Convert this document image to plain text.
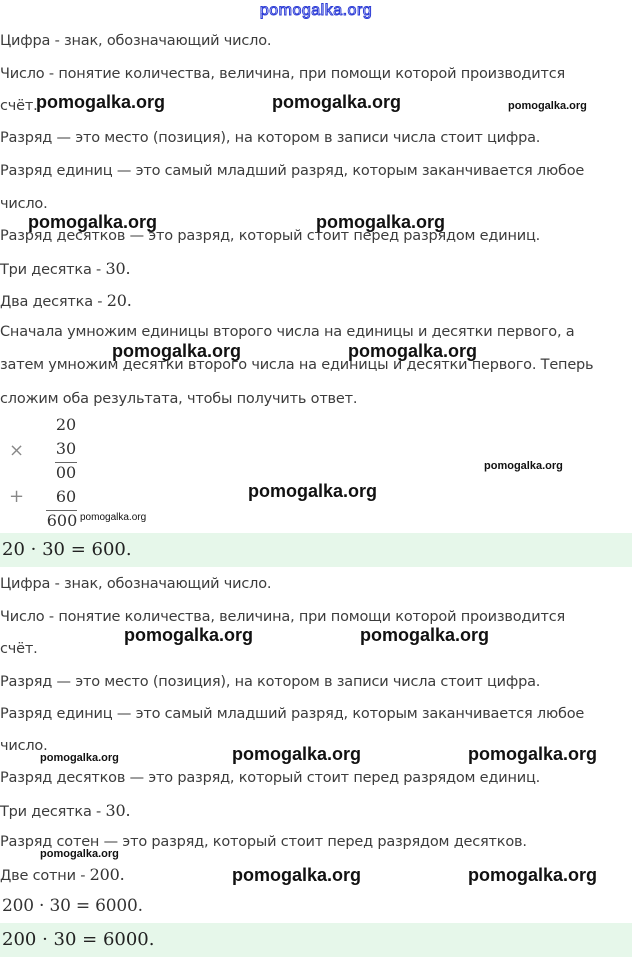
pomogalka.org
Цифра - знак, обозначающий число.
Число - понятие количества, величина, при помощи которой производится
счёт.
Разряд — это место (позиция), на котором в записи числа стоит цифра.
Разряд единиц — это самый младший разряд, которым заканчивается любое
число.
Разряд десятков — это разряд, который стоит перед разрядом единиц.
Три десятка - 30.
Два десятка - 20.
Сначала умножим единицы второго числа на единицы и десятки первого, а
затем умножим десятки второго числа на единицы и десятки первого. Теперь
сложим оба результата, чтобы получить ответ.
20
×	30
00
+	60
600
20 · 30 = 600.
Цифра - знак, обозначающий число.
Число - понятие количества, величина, при помощи которой производится
счёт.
Разряд — это место (позиция), на котором в записи числа стоит цифра.
Разряд единиц — это самый младший разряд, которым заканчивается любое
число.
Разряд десятков — это разряд, который стоит перед разрядом единиц.
Три десятка - 30.
Разряд сотен — это разряд, который стоит перед разрядом десятков.
Две сотни - 200.
200 · 30 = 6000.
200 · 30 = 6000.
pomogalka.org	pomogalka.org	pomogalka.org
pomogalka.org	pomogalka.org
pomogalka.org	pomogalka.org
pomogalka.org
pomogalka.org
pomogalka.org
pomogalka.org	pomogalka.org
pomogalka.org	pomogalka.org	pomogalka.org
pomogalka.org
pomogalka.org	pomogalka.org
